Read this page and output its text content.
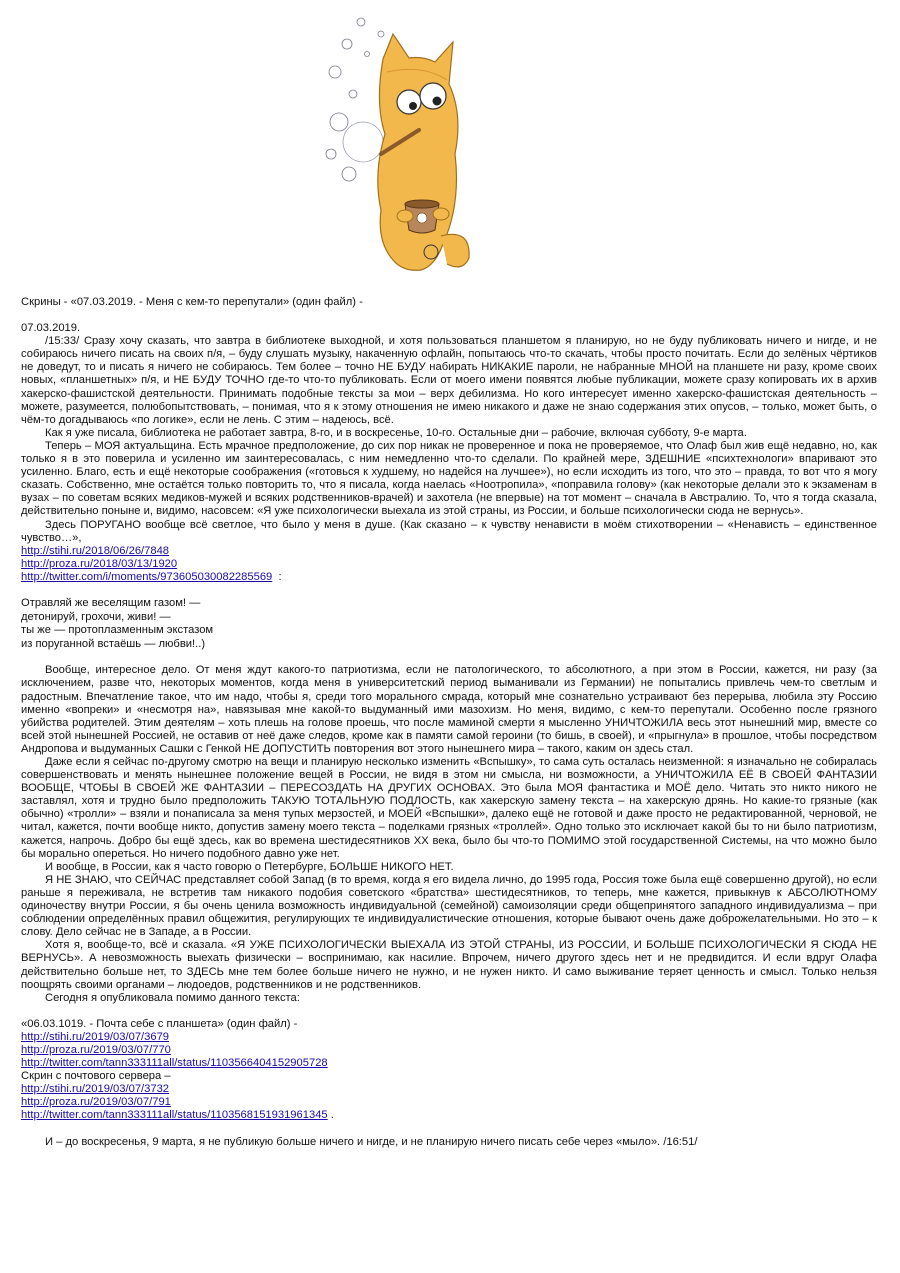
Скрины - «07.03.2019. - Меня с кем-то перепутали» (один файл) -

07.03.2019.

/15:33/ Сразу хочу сказать, что завтра в библиотеке выходной, и хотя пользоваться планшетом я планирую, но не буду публиковать ничего и нигде, и не собираюсь ничего писать на своих п/я, – буду слушать музыку, накаченную офлайн, попытаюсь что-то скачать, чтобы просто почитать. Если до зелёных чёртиков не доведут, то и писать я ничего не собираюсь. Тем более – точно НЕ БУДУ набирать НИКАКИЕ пароли, не набранные МНОЙ на планшете ни разу, кроме своих новых, «планшетных» п/я, и НЕ БУДУ ТОЧНО где-то что-то публиковать. Если от моего имени появятся любые публикации, можете сразу копировать их в архив хакерско-фашистской деятельности. Принимать подобные тексты за мои – верх дебилизма. Но кого интересует именно хакерско-фашистская деятельность – можете, разумеется, полюбопытствовать, – понимая, что я к этому отношения не имею никакого и даже не знаю содержания этих опусов, – только, может быть, о чём-то догадываюсь «по логике», если не лень. С этим – надеюсь, всё.

Как я уже писала, библиотека не работает завтра, 8-го, и в воскресенье, 10-го. Остальные дни – рабочие, включая субботу, 9-е марта.

Теперь – МОЯ актуальщина. Есть мрачное предположение, до сих пор никак не проверенное и пока не проверяемое, что Олаф был жив ещё недавно, но, как только я в это поверила и усиленно им заинтересовалась, с ним немедленно что-то сделали. По крайней мере, ЗДЕШНИЕ «психтехнологи» впаривают это усиленно. Благо, есть и ещё некоторые соображения («готовься к худшему, но надейся на лучшее»), но если исходить из того, что это – правда, то вот что я могу сказать. Собственно, мне остаётся только повторить то, что я писала, когда наелась «Ноотропила», «поправила голову» (как некоторые делали это к экзаменам в вузах – по советам всяких медиков-мужей и всяких родственников-врачей) и захотела (не впервые) на тот момент – сначала в Австралию. То, что я тогда сказала, действительно поныне и, видимо, насовсем: «Я уже психологически выехала из этой страны, из России, и больше психологически сюда не вернусь».

Здесь ПОРУГАНО вообще всё светлое, что было у меня в душе. (Как сказано – к чувству ненависти в моём стихотворении – «Ненависть – единственное чувство…»,

http://stihi.ru/2018/06/26/7848
http://proza.ru/2018/03/13/1920
http://twitter.com/i/moments/973605030082285569  :
Отравляй же веселящим газом! —
детонируй, грохочи, живи! —
ты же — протоплазменным экстазом
из поруганной встаёшь — любви!..)

Вообще, интересное дело. От меня ждут какого-то патриотизма, если не патологического, то абсолютного, а при этом в России, кажется, ни разу (за исключением, разве что, некоторых моментов, когда меня в университетский период выманивали из Германии) не попытались привлечь чем-то светлым и радостным. Впечатление такое, что им надо, чтобы я, среди того морального смрада, который мне сознательно устраивают без перерыва, любила эту Россию именно «вопреки» и «несмотря на», навязывая мне какой-то выдуманный ими мазохизм. Но меня, видимо, с кем-то перепутали. Особенно после грязного убийства родителей. Этим деятелям – хоть плешь на голове проешь, что после маминой смерти я мысленно УНИЧТОЖИЛА весь этот нынешний мир, вместе со всей этой нынешней Россией, не оставив от неё даже следов, кроме как в памяти самой героини (то бишь, в своей), и «прыгнула» в прошлое, чтобы посредством Андропова и выдуманных Сашки с Генкой НЕ ДОПУСТИТЬ повторения вот этого нынешнего мира – такого, каким он здесь стал.

Даже если я сейчас по-другому смотрю на вещи и планирую несколько изменить «Вспышку», то сама суть осталась неизменной: я изначально не собиралась совершенствовать и менять нынешнее положение вещей в России, не видя в этом ни смысла, ни возможности, а УНИЧТОЖИЛА ЕЁ В СВОЕЙ ФАНТАЗИИ ВООБЩЕ, ЧТОБЫ В СВОЕЙ ЖЕ ФАНТАЗИИ – ПЕРЕСОЗДАТЬ НА ДРУГИХ ОСНОВАХ. Это была МОЯ фантастика и МОЁ дело. Читать это никто никого не заставлял, хотя и трудно было предположить ТАКУЮ ТОТАЛЬНУЮ ПОДЛОСТЬ, как хакерскую замену текста – на хакерскую дрянь. Но какие-то грязные (как обычно) «тролли» – взяли и понаписала за меня тупых мерзостей, и МОЕЙ «Вспышки», далеко ещё не готовой и даже просто не редактированной, черновой, не читал, кажется, почти вообще никто, допустив замену моего текста – поделками грязных «троллей». Одно только это исключает какой бы то ни было патриотизм, кажется, напрочь. Добро бы ещё здесь, как во времена шестидесятников XX века, было бы что-то ПОМИМО этой государственной Системы, на что можно было бы морально опереться. Но ничего подобного давно уже нет.

И вообще, в России, как я часто говорю о Петербурге, БОЛЬШЕ НИКОГО НЕТ.

Я НЕ ЗНАЮ, что СЕЙЧАС представляет собой Запад (в то время, когда я его видела лично, до 1995 года, Россия тоже была ещё совершенно другой), но если раньше я переживала, не встретив там никакого подобия советского «братства» шестидесятников, то теперь, мне кажется, привыкнув к АБСОЛЮТНОМУ одиночеству внутри России, я бы очень ценила возможность индивидуальной (семейной) самоизоляции среди общепринятого западного индивидуализма – при соблюдении определённых правил общежития, регулирующих те индивидуалистические отношения, которые бывают очень даже доброжелательными. Но это – к слову. Дело сейчас не в Западе, а в России.

Хотя я, вообще-то, всё и сказала. «Я УЖЕ ПСИХОЛОГИЧЕСКИ ВЫЕХАЛА ИЗ ЭТОЙ СТРАНЫ, ИЗ РОССИИ, И БОЛЬШЕ ПСИХОЛОГИЧЕСКИ Я СЮДА НЕ ВЕРНУСЬ». А невозможность выехать физически – воспринимаю, как насилие. Впрочем, ничего другого здесь нет и не предвидится. И если вдруг Олафа действительно больше нет, то ЗДЕСЬ мне тем более больше ничего не нужно, и не нужен никто. И само выживание теряет ценность и смысл. Только нельзя поощрять своими органами – людоедов, родственников и не родственников.

Сегодня я опубликовала помимо данного текста:

«06.03.1019. - Почта себе с планшета» (один файл) -
http://stihi.ru/2019/03/07/3679
http://proza.ru/2019/03/07/770
http://twitter.com/tann333111all/status/1103566404152905728
Скрин с почтового сервера –
http://stihi.ru/2019/03/07/3732
http://proza.ru/2019/03/07/791
http://twitter.com/tann333111all/status/1103568151931961345 .

И – до воскресенья, 9 марта, я не публикую больше ничего и нигде, и не планирую ничего писать себе через «мыло». /16:51/
